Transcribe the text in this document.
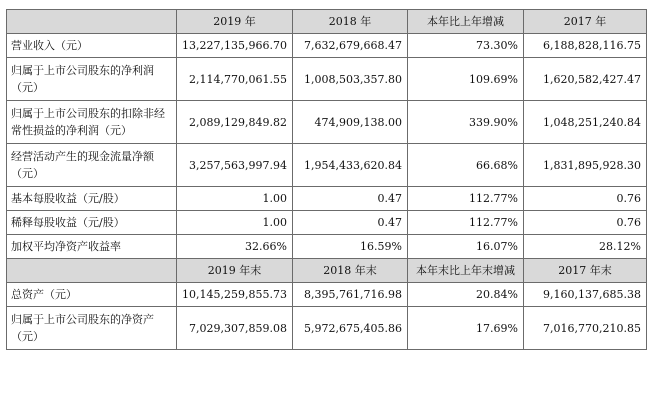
	2019 年	2018 年	本年比上年增减	2017 年
营业收入（元）	13,227,135,966.70	7,632,679,668.47	73.30%	6,188,828,116.75
归属于上市公司股东的净利润（元）	2,114,770,061.55	1,008,503,357.80	109.69%	1,620,582,427.47
归属于上市公司股东的扣除非经常性损益的净利润（元）	2,089,129,849.82	474,909,138.00	339.90%	1,048,251,240.84
经营活动产生的现金流量净额（元）	3,257,563,997.94	1,954,433,620.84	66.68%	1,831,895,928.30
基本每股收益（元/股）	1.00	0.47	112.77%	0.76
稀释每股收益（元/股）	1.00	0.47	112.77%	0.76
加权平均净资产收益率	32.66%	16.59%	16.07%	28.12%
	2019 年末	2018 年末	本年末比上年末增减	2017 年末
总资产（元）	10,145,259,855.73	8,395,761,716.98	20.84%	9,160,137,685.38
归属于上市公司股东的净资产（元）	7,029,307,859.08	5,972,675,405.86	17.69%	7,016,770,210.85
